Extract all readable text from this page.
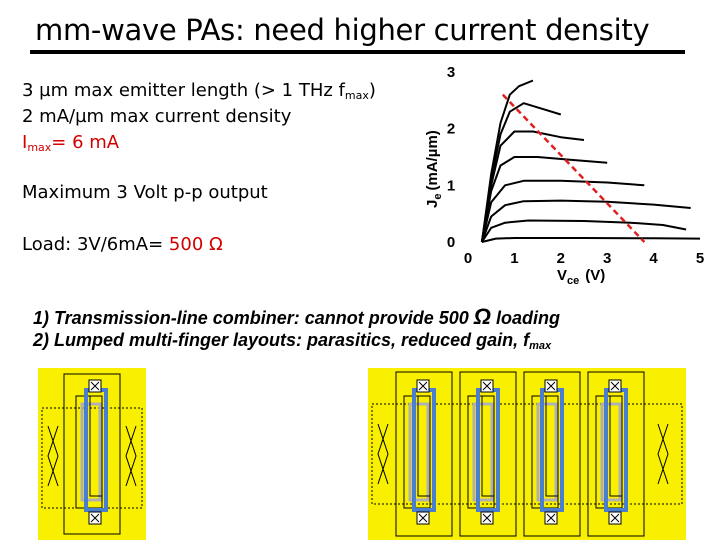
mm-wave PAs: need higher current density
3 µm max emitter length (> 1 THz $f_{max}$)
2 mA/µm max current density
$I_{max}= 6$ mA
Maximum 3 Volt p-p output
Load: 3V/6mA= 500 Ω
0	1	2	3	4	5
0
1
2
3
$J_e(mA/\mu m)$
$V_{ce}$ (V)
1) Transmission-line combiner: cannot provide 500 Ω loading
2) Lumped multi-finger layouts: parasitics, reduced gain, fmax
